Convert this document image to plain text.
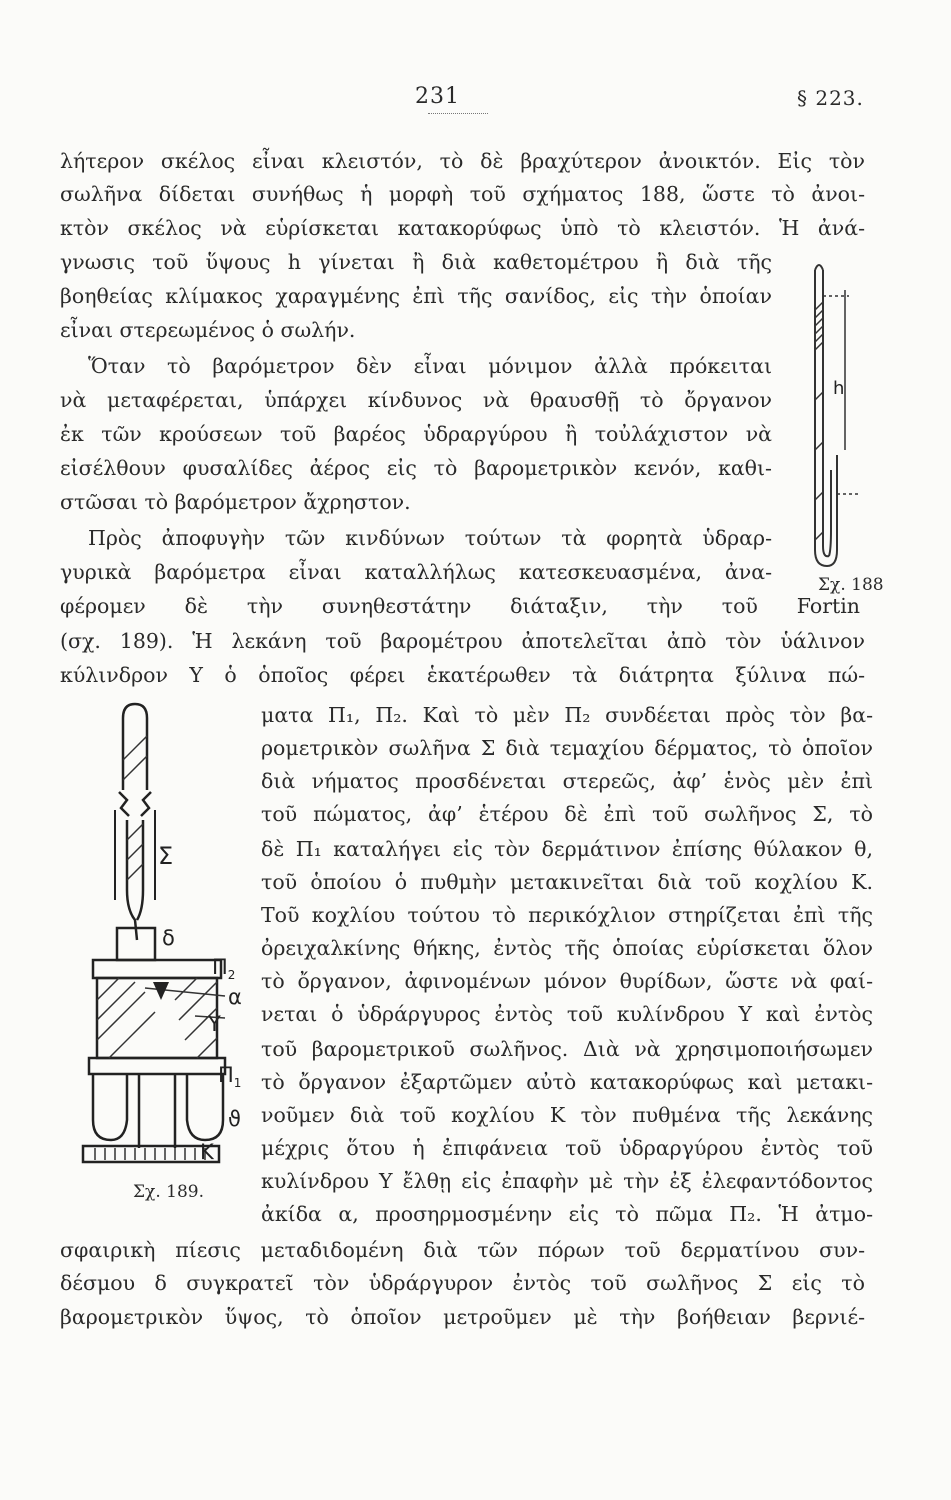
231	§ 223.
λήτερον σκέλος εἶναι κλειστόν, τὸ δὲ βραχύτερον ἀνοικτόν. Εἰς τὸν
σωλῆνα δίδεται συνήθως ἡ μορφὴ τοῦ σχήματος 188, ὥστε τὸ ἀνοι-
κτὸν σκέλος νὰ εὑρίσκεται κατακορύφως ὑπὸ τὸ κλειστόν. Ἡ ἀνά-
γνωσις τοῦ ὕψους h γίνεται ἢ διὰ καθετομέτρου ἢ διὰ τῆς
βοηθείας κλίμακος χαραγμένης ἐπὶ τῆς σανίδος, εἰς τὴν ὁποίαν
εἶναι στερεωμένος ὁ σωλήν.
Ὅταν τὸ βαρόμετρον δὲν εἶναι μόνιμον ἀλλὰ πρόκειται
νὰ μεταφέρεται, ὑπάρχει κίνδυνος νὰ θραυσθῇ τὸ ὄργανον
ἐκ τῶν κρούσεων τοῦ βαρέος ὑδραργύρου ἢ τοὐλάχιστον νὰ
εἰσέλθουν φυσαλίδες ἀέρος εἰς τὸ βαρομετρικὸν κενόν, καθι-
στῶσαι τὸ βαρόμετρον ἄχρηστον.
Πρὸς ἀποφυγὴν τῶν κινδύνων τούτων τὰ φορητὰ ὑδραρ-
γυρικὰ βαρόμετρα εἶναι καταλλήλως κατεσκευασμένα, ἀνα-
φέρομεν δὲ τὴν συνηθεστάτην διάταξιν, τὴν τοῦ Fortin
(σχ. 189). Ἡ λεκάνη τοῦ βαρομέτρου ἀποτελεῖται ἀπὸ τὸν ὑάλινον
κύλινδρον Υ ὁ ὁποῖος φέρει ἑκατέρωθεν τὰ διάτρητα ξύλινα πώ-
ματα Π₁, Π₂. Καὶ τὸ μὲν Π₂ συνδέεται πρὸς τὸν βα-
ρομετρικὸν σωλῆνα Σ διὰ τεμαχίου δέρματος, τὸ ὁποῖον
διὰ νήματος προσδένεται στερεῶς, ἀφ’ ἑνὸς μὲν ἐπὶ
τοῦ πώματος, ἀφ’ ἑτέρου δὲ ἐπὶ τοῦ σωλῆνος Σ, τὸ
δὲ Π₁ καταλήγει εἰς τὸν δερμάτινον ἐπίσης θύλακον θ,
τοῦ ὁποίου ὁ πυθμὴν μετακινεῖται διὰ τοῦ κοχλίου Κ.
Τοῦ κοχλίου τούτου τὸ περικόχλιον στηρίζεται ἐπὶ τῆς
ὀρειχαλκίνης θήκης, ἐντὸς τῆς ὁποίας εὑρίσκεται ὅλον
τὸ ὄργανον, ἀφινομένων μόνον θυρίδων, ὥστε νὰ φαί-
νεται ὁ ὑδράργυρος ἐντὸς τοῦ κυλίνδρου Υ καὶ ἐντὸς
τοῦ βαρομετρικοῦ σωλῆνος. Διὰ νὰ χρησιμοποιήσωμεν
τὸ ὄργανον ἐξαρτῶμεν αὐτὸ κατακορύφως καὶ μετακι-
νοῦμεν διὰ τοῦ κοχλίου Κ τὸν πυθμένα τῆς λεκάνης
μέχρις ὅτου ἡ ἐπιφάνεια τοῦ ὑδραργύρου ἐντὸς τοῦ
κυλίνδρου Υ ἔλθῃ εἰς ἐπαφὴν μὲ τὴν ἐξ ἐλεφαντόδοντος
ἀκίδα α, προσηρμοσμένην εἰς τὸ πῶμα Π₂. Ἡ ἀτμο-
σφαιρικὴ πίεσις μεταδιδομένη διὰ τῶν πόρων τοῦ δερματίνου συν-
δέσμου δ συγκρατεῖ τὸν ὑδράργυρον ἐντὸς τοῦ σωλῆνος Σ εἰς τὸ
βαρομετρικὸν ὕψος, τὸ ὁποῖον μετροῦμεν μὲ τὴν βοήθειαν βερνιέ-
h
Σχ. 188
Σ
δ
$\Pi_2$
α
Υ
$\Pi_1$
ϑ
Κ
Σχ. 189.
